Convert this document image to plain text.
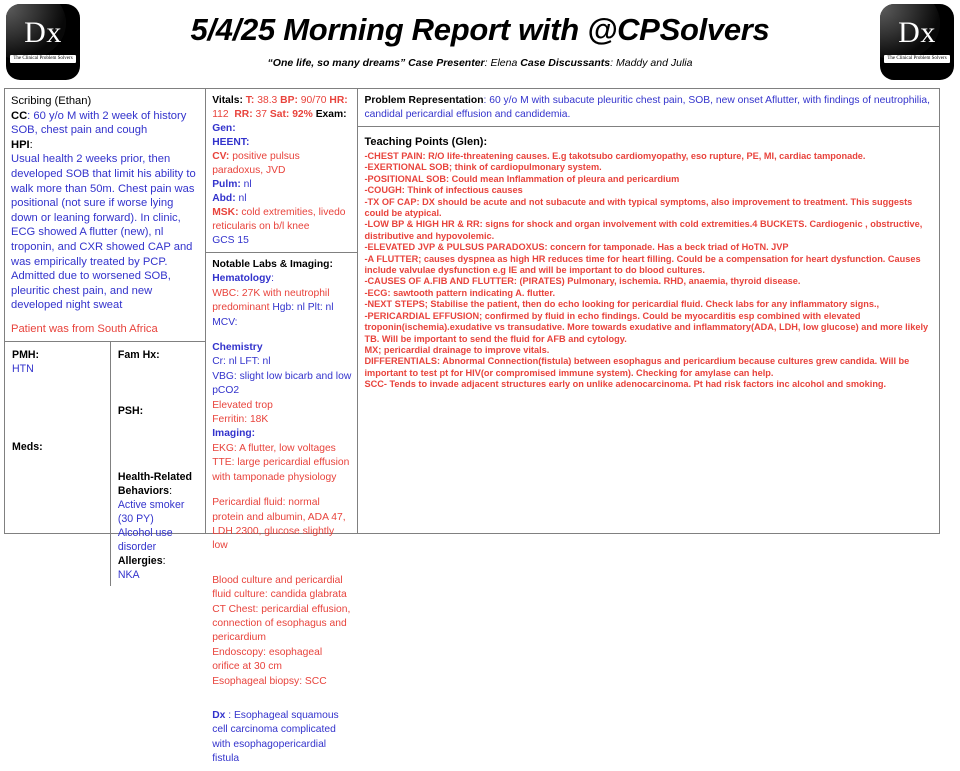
Dx
The Clinical Problem Solvers
5/4/25 Morning Report with @CPSolvers
“One life, so many dreams” Case Presenter: Elena Case Discussants: Maddy and Julia
Dx
The Clinical Problem Solvers
Scribing (Ethan)
CC: 60 y/o M with 2 week of history SOB, chest pain and cough
HPI:
Usual health 2 weeks prior, then developed SOB that limit his ability to walk more than 50m. Chest pain was positional (not sure if worse lying down or leaning forward). In clinic, ECG showed A flutter (new), nl troponin, and CXR showed CAP and was empirically treated by PCP.
Admitted due to worsened SOB, pleuritic chest pain, and new developed night sweat
Patient was from South Africa
PMH:
HTN
Meds:
Fam Hx:
PSH:
Health-Related
Behaviors:
Active smoker (30 PY)
Alcohol use disorder
Allergies:
NKA
Vitals: T: 38.3 BP: 90/70 HR: 112 RR: 37 Sat: 92% Exam: Gen:
HEENT:
CV: positive pulsus paradoxus, JVD
Pulm: nl
Abd: nl
MSK: cold extremities, livedo reticularis on b/l knee
GCS 15
Notable Labs & Imaging:
Hematology:
WBC: 27K with neutrophil predominant Hgb: nl Plt: nl MCV:
Chemistry
Cr: nl LFT: nl
VBG: slight low bicarb and low pCO2
Elevated trop
Ferritin: 18K
Imaging:
EKG: A flutter, low voltages
TTE: large pericardial effusion with tamponade physiology
Pericardial fluid: normal protein and albumin, ADA 47, LDH 2300, glucose slightly low
Blood culture and pericardial fluid culture: candida glabrata
CT Chest: pericardial effusion, connection of esophagus and pericardium
Endoscopy: esophageal orifice at 30 cm
Esophageal biopsy: SCC
Dx : Esophageal squamous cell carcinoma complicated with esophagopericardial fistula
Problem Representation: 60 y/o M with subacute pleuritic chest pain, SOB, new onset Aflutter, with findings of neutrophilia, candidal pericardial effusion and candidemia.
Teaching Points (Glen):

-CHEST PAIN: R/O life-threatening causes. E.g takotsubo cardiomyopathy, eso rupture, PE, MI, cardiac tamponade.

-EXERTIONAL SOB; think of cardiopulmonary system.

-POSITIONAL SOB: Could mean Inflammation of pleura and pericardium

-COUGH: Think of infectious causes

-TX OF CAP: DX should be acute and not subacute and with typical symptoms, also improvement to treatment. This suggests could be atypical.

-LOW BP & HIGH HR & RR: signs for shock and organ involvement with cold extremities.4 BUCKETS. Cardiogenic , obstructive, distributive and hypovolemic.

-ELEVATED JVP & PULSUS PARADOXUS: concern for tamponade. Has a beck triad of HoTN. JVP

-A FLUTTER; causes dyspnea as high HR reduces time for heart filling. Could be a compensation for heart dysfunction. Causes include valvulae dysfunction e.g IE and will be important to do blood cultures.

-CAUSES OF A.FIB AND FLUTTER: (PIRATES) Pulmonary, ischemia. RHD, anaemia, thyroid disease.

-ECG: sawtooth pattern indicating A. flutter.

-NEXT STEPS; Stabilise the patient, then do echo looking for pericardial fluid. Check labs for any inflammatory signs.,

-PERICARDIAL EFFUSION; confirmed by fluid in echo findings. Could be myocarditis esp combined with elevated troponin(ischemia).exudative vs transudative. More towards exudative and inflammatory(ADA, LDH, low glucose) and more likely TB. Will be important to send the fluid for AFB and cytology.

MX; pericardial drainage to improve vitals.

DIFFERENTIALS: Abnormal Connection(fistula) between esophagus and pericardium because cultures grew candida. Will be important to test pt for HIV(or compromised immune system). Checking for amylase can help.

SCC- Tends to invade adjacent structures early on unlike adenocarcinoma. Pt had risk factors inc alcohol and smoking.
